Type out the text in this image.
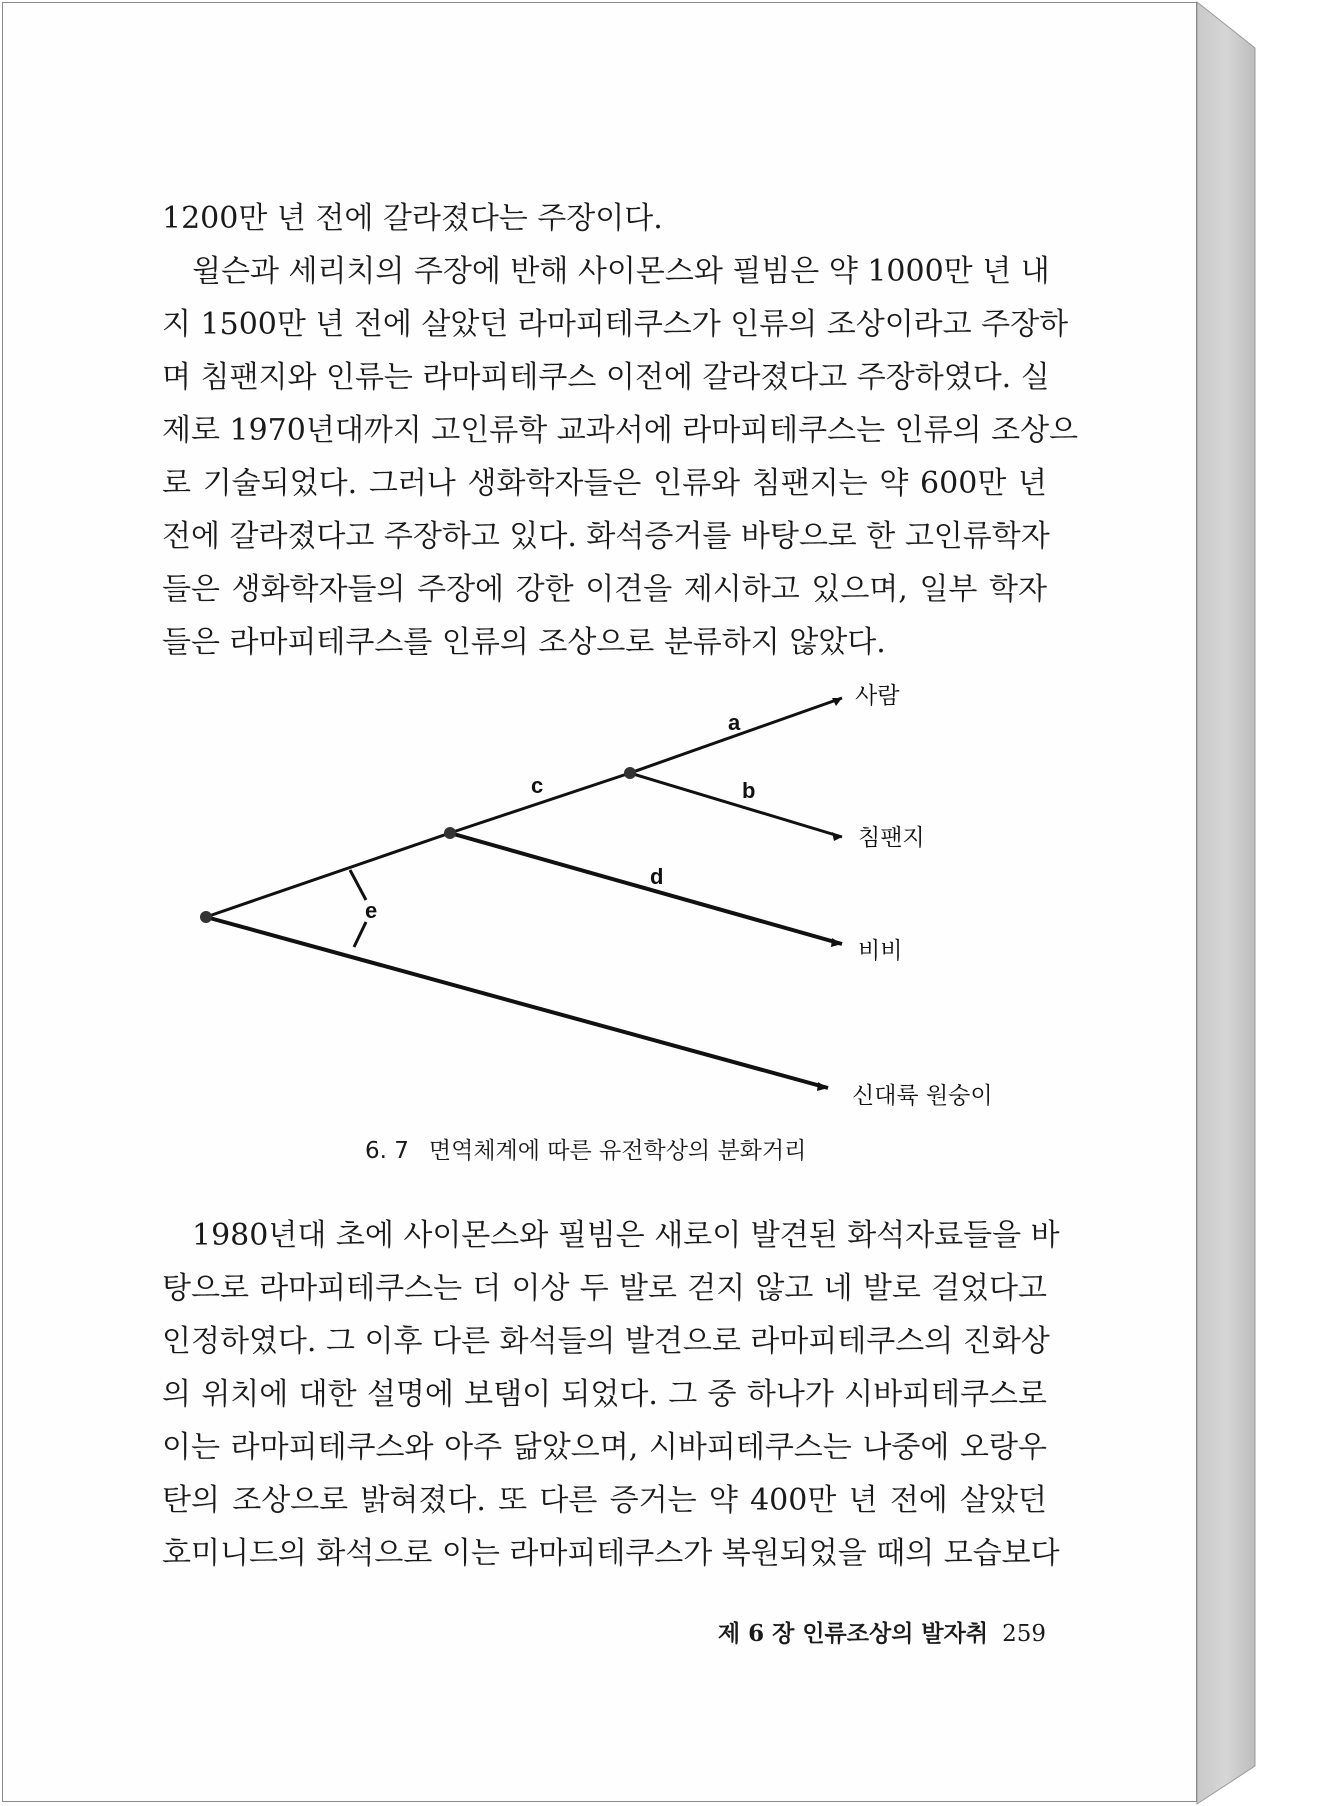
1200만 년 전에 갈라졌다는 주장이다.
윌슨과 세리치의 주장에 반해 사이몬스와 필빔은 약 1000만 년 내
지 1500만 년 전에 살았던 라마피테쿠스가 인류의 조상이라고 주장하
며 침팬지와 인류는 라마피테쿠스 이전에 갈라졌다고 주장하였다. 실
제로 1970년대까지 고인류학 교과서에 라마피테쿠스는 인류의 조상으
로 기술되었다. 그러나 생화학자들은 인류와 침팬지는 약 600만 년
전에 갈라졌다고 주장하고 있다. 화석증거를 바탕으로 한 고인류학자
들은 생화학자들의 주장에 강한 이견을 제시하고 있으며, 일부 학자
들은 라마피테쿠스를 인류의 조상으로 분류하지 않았다.
a
b
c
d
e
사람
침팬지
비비
신대륙 원숭이
6. 7 면역체계에 따른 유전학상의 분화거리
1980년대 초에 사이몬스와 필빔은 새로이 발견된 화석자료들을 바
탕으로 라마피테쿠스는 더 이상 두 발로 걷지 않고 네 발로 걸었다고
인정하였다. 그 이후 다른 화석들의 발견으로 라마피테쿠스의 진화상
의 위치에 대한 설명에 보탬이 되었다. 그 중 하나가 시바피테쿠스로
이는 라마피테쿠스와 아주 닮았으며, 시바피테쿠스는 나중에 오랑우
탄의 조상으로 밝혀졌다. 또 다른 증거는 약 400만 년 전에 살았던
호미니드의 화석으로 이는 라마피테쿠스가 복원되었을 때의 모습보다
제 6 장 인류조상의 발자취 259
